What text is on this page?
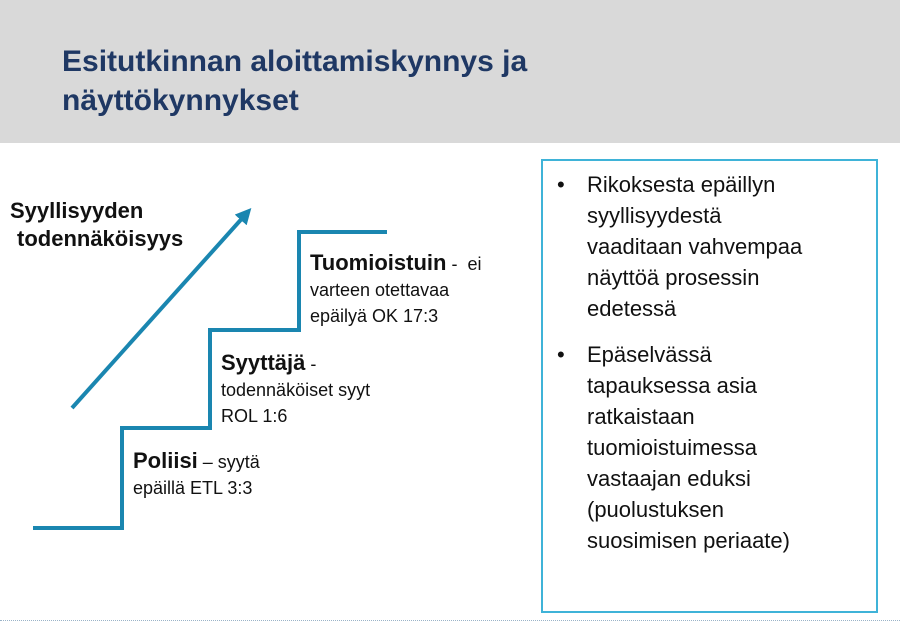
Esitutkinnan aloittamiskynnys ja
näyttökynnykset
Syyllisyyden
todennäköisyys
Poliisi – syytä
epäillä ETL 3:3
Syyttäjä -
todennäköiset syyt
ROL 1:6
Tuomioistuin -  ei
varteen otettavaa
epäilyä OK 17:3
• Rikoksesta epäillyn
syyllisyydestä
vaaditaan vahvempaa
näyttöä prosessin
edetessä
• Epäselvässä
tapauksessa asia
ratkaistaan
tuomioistuimessa
vastaajan eduksi
(puolustuksen
suosimisen periaate)
